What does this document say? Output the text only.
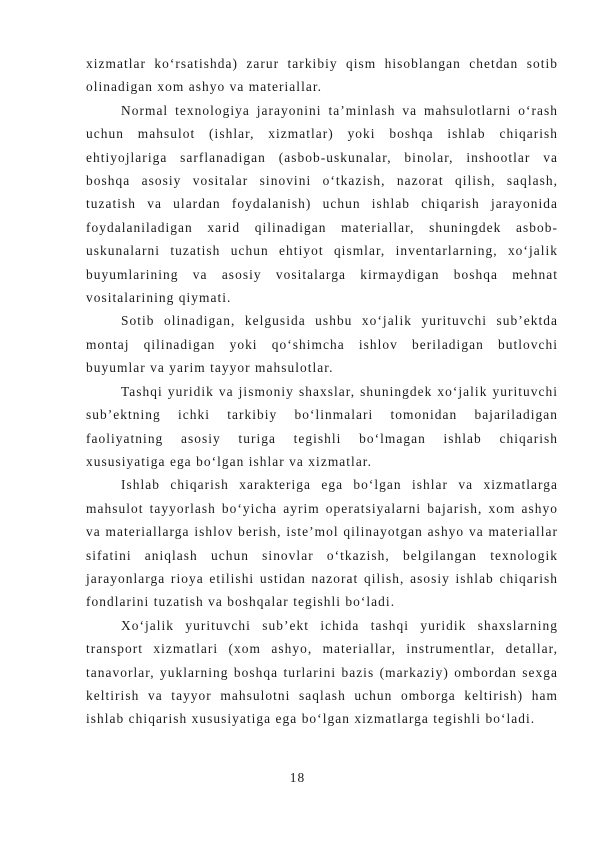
xizmatlar ko‘rsatishda) zarur tarkibiy qism hisoblangan chetdan sotib olinadigan xom ashyo va materiallar.

Normal texnologiya jarayonini ta’minlash va mahsulotlarni o‘rash uchun mahsulot (ishlar, xizmatlar) yoki boshqa ishlab chiqarish ehtiyojlariga sarflanadigan (asbob-uskunalar, binolar, inshootlar va boshqa asosiy vositalar sinovini o‘tkazish, nazorat qilish, saqlash, tuzatish va ulardan foydalanish) uchun ishlab chiqarish jarayonida foydalaniladigan xarid qilinadigan materiallar, shuningdek asbob-uskunalarni tuzatish uchun ehtiyot qismlar, inventarlarning, xo‘jalik buyumlarining va asosiy vositalarga kirmaydigan boshqa mehnat vositalarining qiymati.

Sotib olinadigan, kelgusida ushbu xo‘jalik yurituvchi sub’ektda montaj qilinadigan yoki qo‘shimcha ishlov beriladigan butlovchi buyumlar va yarim tayyor mahsulotlar.

Tashqi yuridik va jismoniy shaxslar, shuningdek xo‘jalik yurituvchi sub’ektning ichki tarkibiy bo‘linmalari tomonidan bajariladigan faoliyatning asosiy turiga tegishli bo‘lmagan ishlab chiqarish xususiyatiga ega bo‘lgan ishlar va xizmatlar.

Ishlab chiqarish xarakteriga ega bo‘lgan ishlar va xizmatlarga mahsulot tayyorlash bo‘yicha ayrim operatsiyalarni bajarish, xom ashyo va materiallarga ishlov berish, iste’mol qilinayotgan ashyo va materiallar sifatini aniqlash uchun sinovlar o‘tkazish, belgilangan texnologik jarayonlarga rioya etilishi ustidan nazorat qilish, asosiy ishlab chiqarish fondlarini tuzatish va boshqalar tegishli bo‘ladi.

Xo‘jalik yurituvchi sub’ekt ichida tashqi yuridik shaxslarning transport xizmatlari (xom ashyo, materiallar, instrumentlar, detallar, tanavorlar, yuklarning boshqa turlarini bazis (markaziy) ombordan sexga keltirish va tayyor mahsulotni saqlash uchun omborga keltirish) ham ishlab chiqarish xususiyatiga ega bo‘lgan xizmatlarga tegishli bo‘ladi.

18
